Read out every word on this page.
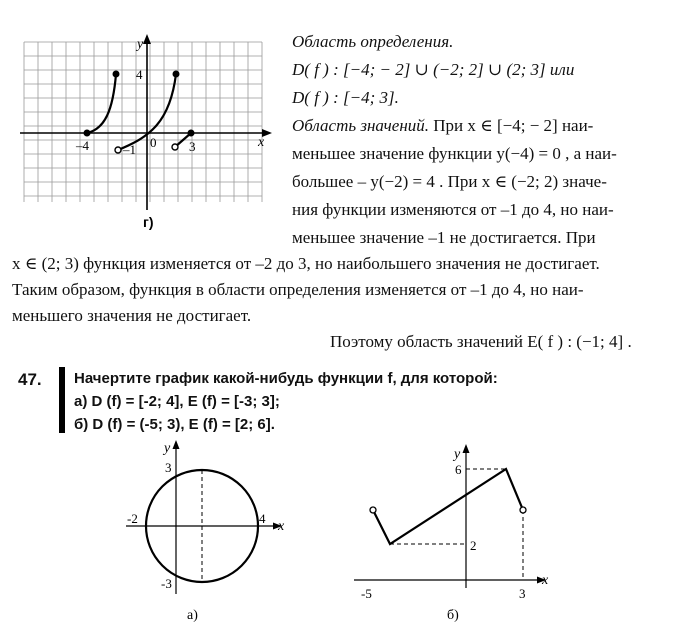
y
x
4
–4	–1 0	3
г)
Область определения.
D( f ) : [−4; − 2] ∪ (−2; 2] ∪ (2; 3] или
D( f ) : [−4; 3].
Область значений. При x ∈ [−4; − 2] наи-
меньшее значение функции y(−4) = 0 , а наи-
большее – y(−2) = 4 . При x ∈ (−2; 2) значе-
ния функции изменяются от –1 до 4, но наи-
меньшее значение –1 не достигается. При
x ∈ (2; 3) функция изменяется от –2 до 3, но наибольшего значения не достигает.
Таким образом, функция в области определения изменяется от –1 до 4, но наи-
меньшего значения не достигает.
Поэтому область значений E( f ) : (−1; 4] .
47. Начертите график какой-нибудь функции f, для которой:
а) D (f) = [-2; 4], E (f) = [-3; 3];
б) D (f) = (-5; 3), E (f) = [2; 6].
y
x
3
-3
-2	4
а)
y
x
6
2
-5	3
б)
